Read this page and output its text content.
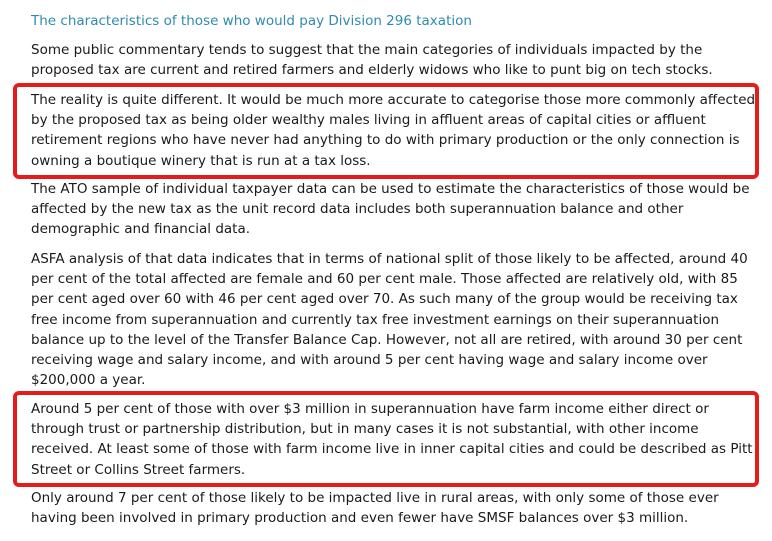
The characteristics of those who would pay Division 296 taxation
Some public commentary tends to suggest that the main categories of individuals impacted by the
proposed tax are current and retired farmers and elderly widows who like to punt big on tech stocks.
The reality is quite different. It would be much more accurate to categorise those more commonly affected
by the proposed tax as being older wealthy males living in affluent areas of capital cities or affluent
retirement regions who have never had anything to do with primary production or the only connection is
owning a boutique winery that is run at a tax loss.
The ATO sample of individual taxpayer data can be used to estimate the characteristics of those would be
affected by the new tax as the unit record data includes both superannuation balance and other
demographic and financial data.
ASFA analysis of that data indicates that in terms of national split of those likely to be affected, around 40
per cent of the total affected are female and 60 per cent male. Those affected are relatively old, with 85
per cent aged over 60 with 46 per cent aged over 70. As such many of the group would be receiving tax
free income from superannuation and currently tax free investment earnings on their superannuation
balance up to the level of the Transfer Balance Cap. However, not all are retired, with around 30 per cent
receiving wage and salary income, and with around 5 per cent having wage and salary income over
$200,000 a year.
Around 5 per cent of those with over $3 million in superannuation have farm income either direct or
through trust or partnership distribution, but in many cases it is not substantial, with other income
received. At least some of those with farm income live in inner capital cities and could be described as Pitt
Street or Collins Street farmers.
Only around 7 per cent of those likely to be impacted live in rural areas, with only some of those ever
having been involved in primary production and even fewer have SMSF balances over $3 million.
